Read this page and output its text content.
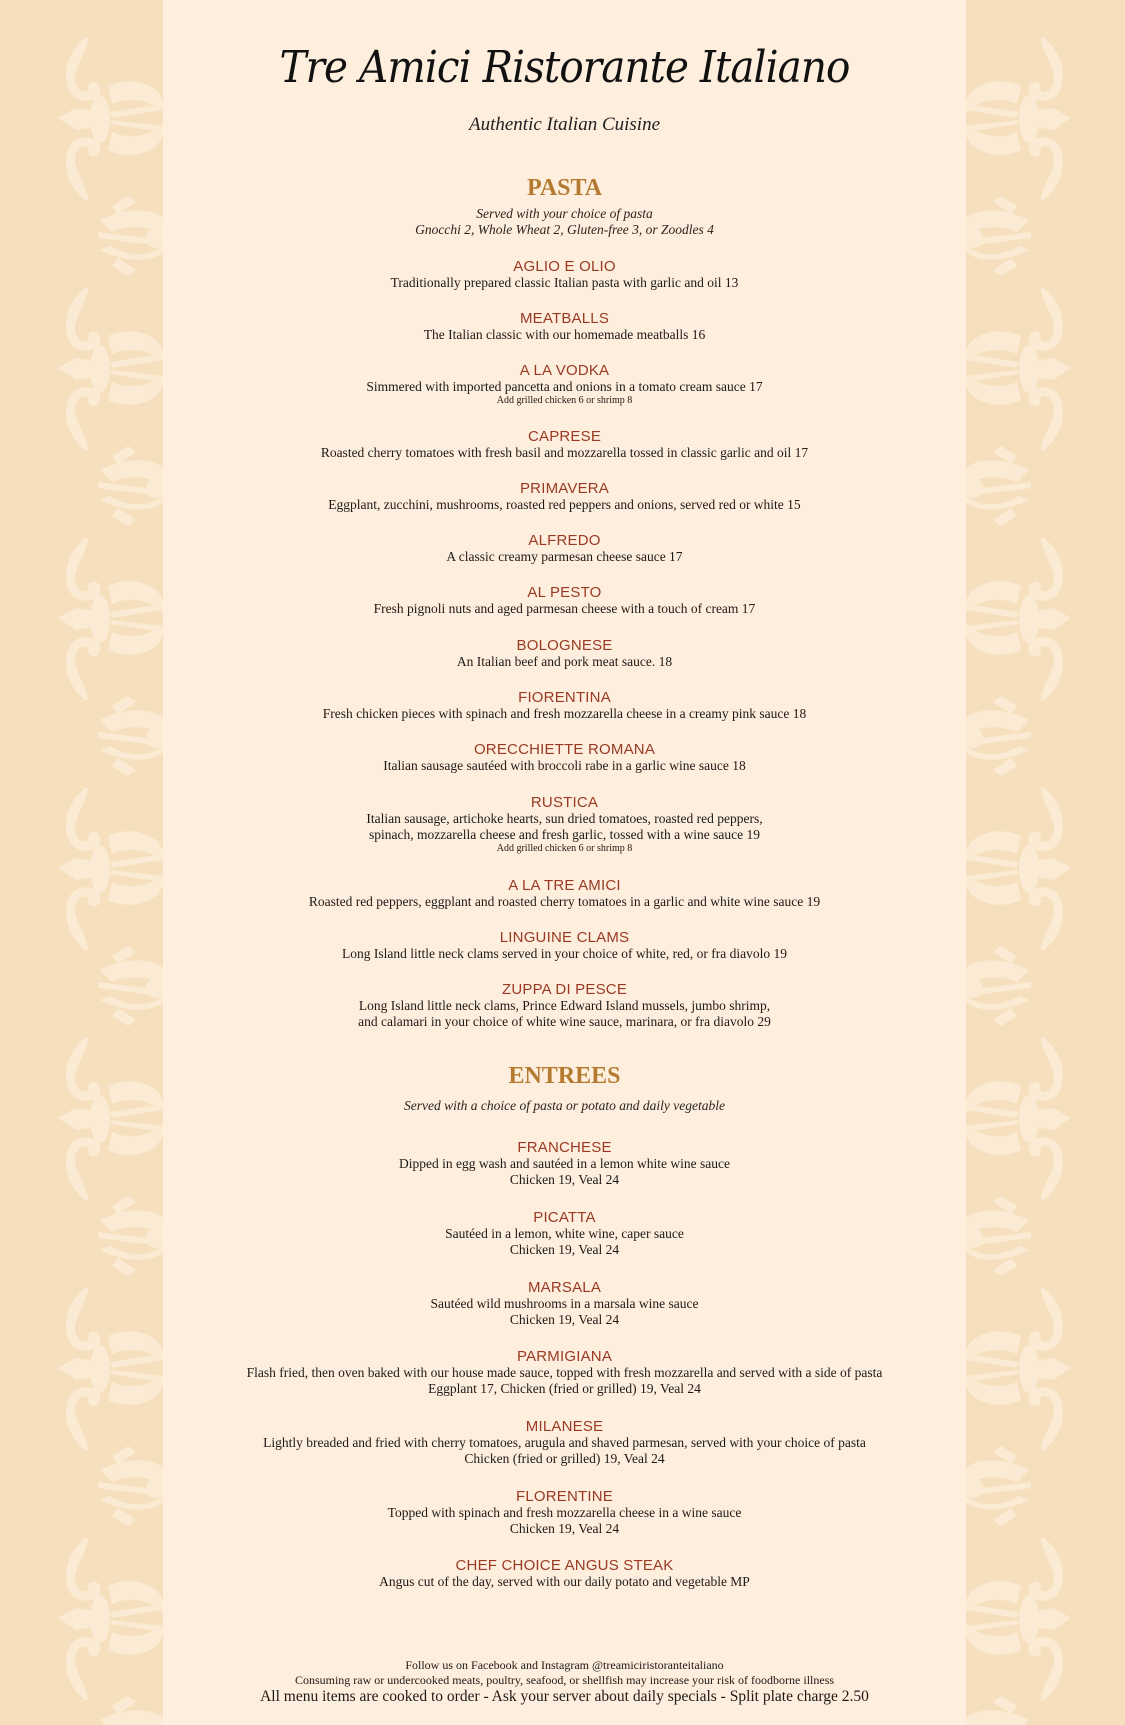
Tre Amici Ristorante Italiano
Authentic Italian Cuisine
PASTA
Served with your choice of pasta
Gnocchi 2, Whole Wheat 2, Gluten-free 3, or Zoodles 4
AGLIO E OLIO
Traditionally prepared classic Italian pasta with garlic and oil 13
MEATBALLS
The Italian classic with our homemade meatballs 16
A LA VODKA
Simmered with imported pancetta and onions in a tomato cream sauce 17
Add grilled chicken 6 or shrimp 8
CAPRESE
Roasted cherry tomatoes with fresh basil and mozzarella tossed in classic garlic and oil 17
PRIMAVERA
Eggplant, zucchini, mushrooms, roasted red peppers and onions, served red or white 15
ALFREDO
A classic creamy parmesan cheese sauce 17
AL PESTO
Fresh pignoli nuts and aged parmesan cheese with a touch of cream 17
BOLOGNESE
An Italian beef and pork meat sauce. 18
FIORENTINA
Fresh chicken pieces with spinach and fresh mozzarella cheese in a creamy pink sauce 18
ORECCHIETTE ROMANA
Italian sausage sautéed with broccoli rabe in a garlic wine sauce 18
RUSTICA
Italian sausage, artichoke hearts, sun dried tomatoes, roasted red peppers,
spinach, mozzarella cheese and fresh garlic, tossed with a wine sauce 19
Add grilled chicken 6 or shrimp 8
A LA TRE AMICI
Roasted red peppers, eggplant and roasted cherry tomatoes in a garlic and white wine sauce 19
LINGUINE CLAMS
Long Island little neck clams served in your choice of white, red, or fra diavolo 19
ZUPPA DI PESCE
Long Island little neck clams, Prince Edward Island mussels, jumbo shrimp,
and calamari in your choice of white wine sauce, marinara, or fra diavolo 29
ENTREES
Served with a choice of pasta or potato and daily vegetable
FRANCHESE
Dipped in egg wash and sautéed in a lemon white wine sauce
Chicken 19, Veal 24
PICATTA
Sautéed in a lemon, white wine, caper sauce
Chicken 19, Veal 24
MARSALA
Sautéed wild mushrooms in a marsala wine sauce
Chicken 19, Veal 24
PARMIGIANA
Flash fried, then oven baked with our house made sauce, topped with fresh mozzarella and served with a side of pasta
Eggplant 17, Chicken (fried or grilled) 19, Veal 24
MILANESE
Lightly breaded and fried with cherry tomatoes, arugula and shaved parmesan, served with your choice of pasta
Chicken (fried or grilled) 19, Veal 24
FLORENTINE
Topped with spinach and fresh mozzarella cheese in a wine sauce
Chicken 19, Veal 24
CHEF CHOICE ANGUS STEAK
Angus cut of the day, served with our daily potato and vegetable MP
Follow us on Facebook and Instagram @treamiciristoranteitaliano
Consuming raw or undercooked meats, poultry, seafood, or shellfish may increase your risk of foodborne illness
All menu items are cooked to order - Ask your server about daily specials - Split plate charge 2.50
